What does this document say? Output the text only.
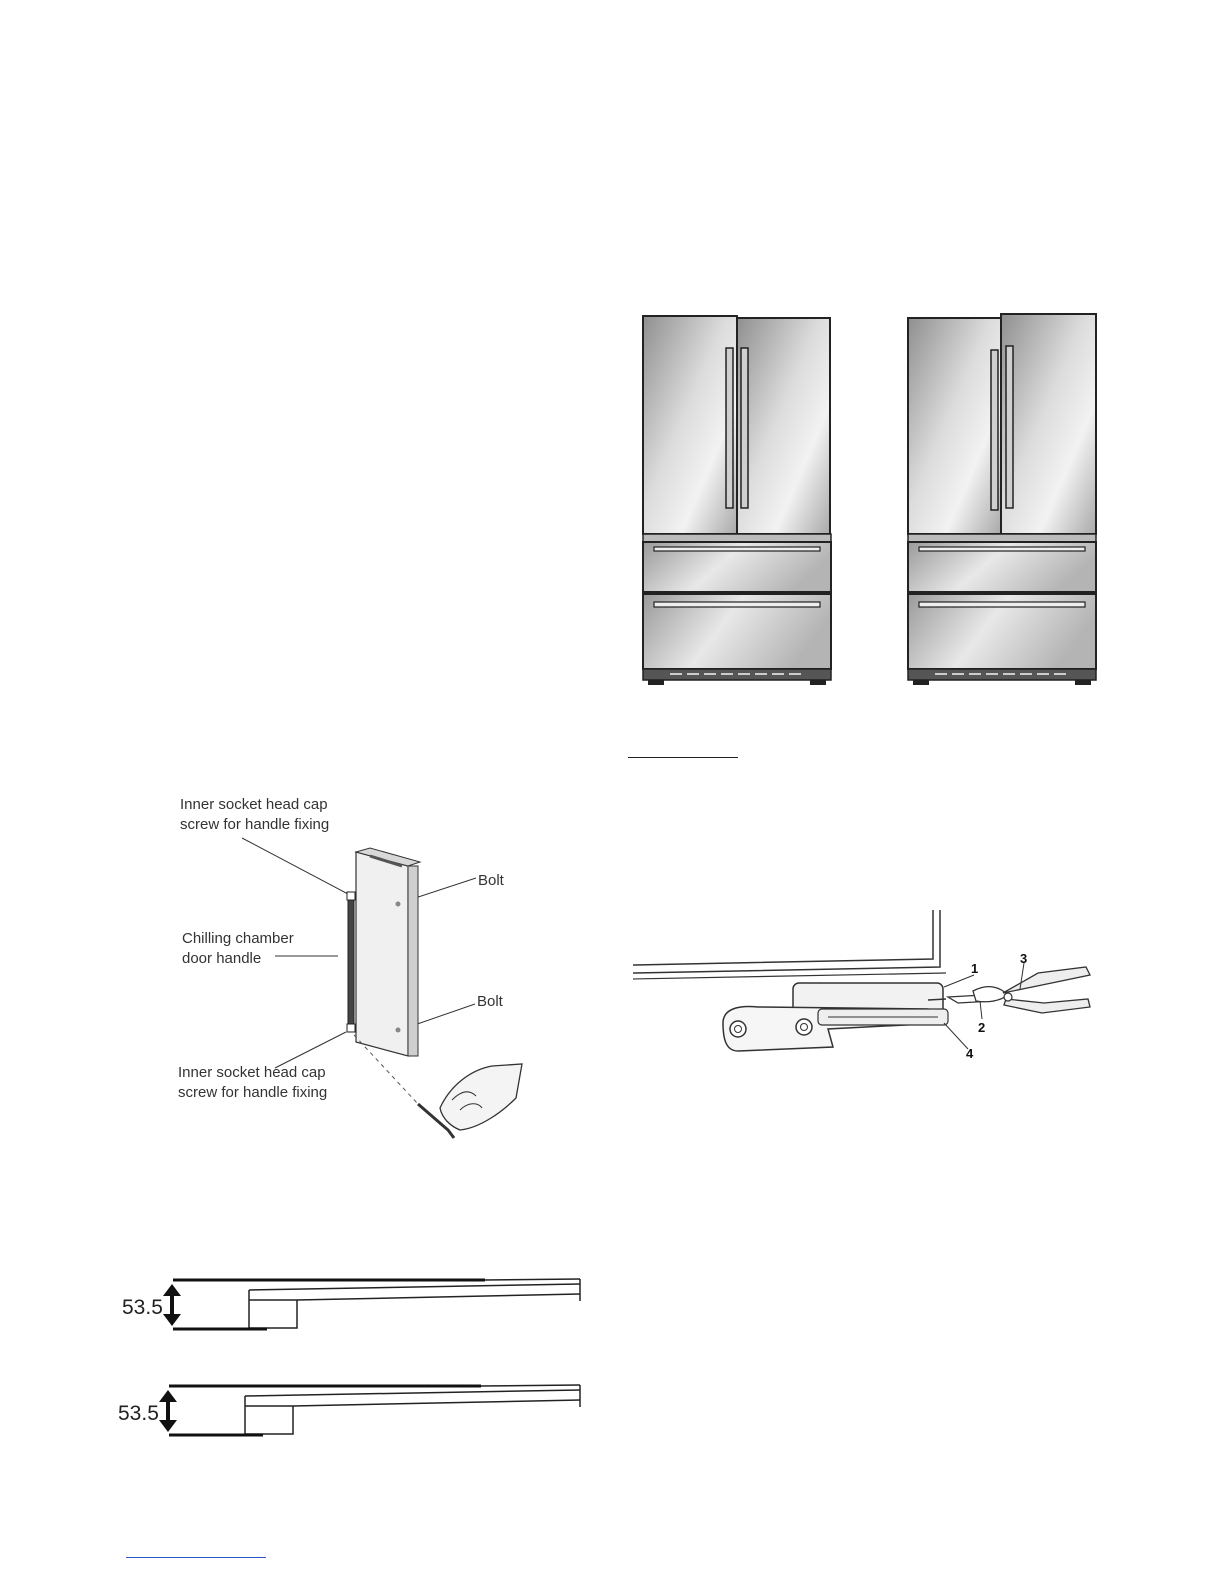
Inner socket head cap
screw for handle fixing
Chilling chamber
door handle
Bolt
Bolt
Inner socket head cap
screw for handle fixing
1
2
3
4
53.5
53.5
